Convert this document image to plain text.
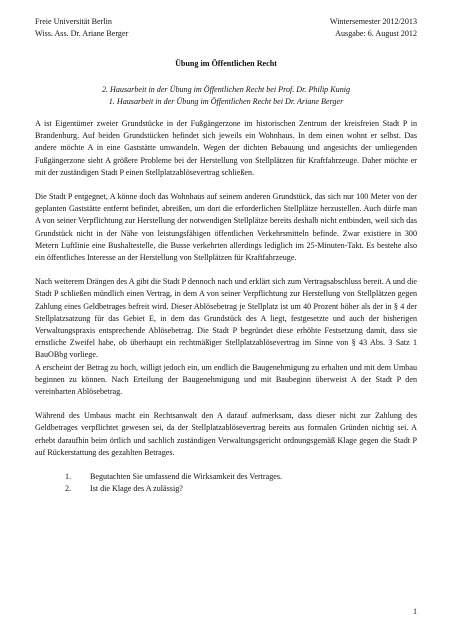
Freie Universität Berlin
Wiss. Ass. Dr. Ariane Berger
Wintersemester 2012/2013
Ausgabe: 6. August 2012
Übung im Öffentlichen Recht
2. Hausarbeit in der Übung im Öffentlichen Recht bei Prof. Dr. Philip Kunig
1. Hausarbeit in der Übung im Öffentlichen Recht bei Dr. Ariane Berger

A ist Eigentümer zweier Grundstücke in der Fußgängerzone im historischen Zentrum der kreisfreien Stadt P in Brandenburg. Auf beiden Grundstücken befindet sich jeweils ein Wohnhaus. In dem einen wohnt er selbst. Das andere möchte A in eine Gaststätte umwandeln. Wegen der dichten Bebauung und angesichts der umliegenden Fußgängerzone sieht A größere Probleme bei der Herstellung von Stellplätzen für Kraftfahrzeuge. Daher möchte er mit der zuständigen Stadt P einen Stellplatzablösevertrag schließen.

Die Stadt P entgegnet, A könne doch das Wohnhaus auf seinem anderen Grundstück, das sich nur 100 Meter von der geplanten Gaststätte entfernt befindet, abreißen, um dort die erforderlichen Stellplätze herzustellen. Auch dürfe man A von seiner Verpflichtung zur Herstellung der notwendigen Stellplätze bereits deshalb nicht entbinden, weil sich das Grundstück nicht in der Nähe von leistungsfähigen öffentlichen Verkehrsmitteln befinde. Zwar existiere in 300 Metern Luftlinie eine Bushaltestelle, die Busse verkehrten allerdings lediglich im 25-Minuten-Takt. Es bestehe also ein öffentliches Interesse an der Herstellung von Stellplätzen für Kraftfahrzeuge.

Nach weiterem Drängen des A gibt die Stadt P dennoch nach und erklärt sich zum Vertragsabschluss bereit. A und die Stadt P schließen mündlich einen Vertrag, in dem A von seiner Verpflichtung zur Herstellung von Stellplätzen gegen Zahlung eines Geldbetrages befreit wird. Dieser Ablösebetrag je Stellplatz ist um 40 Prozent höher als der in § 4 der Stellplatzsatzung für das Gebiet E, in dem das Grundstück des A liegt, festgesetzte und auch der bisherigen Verwaltungspraxis entsprechende Ablösebetrag. Die Stadt P begründet diese erhöhte Festsetzung damit, dass sie ernstliche Zweifel habe, ob überhaupt ein rechtmäßiger Stellplatzablösevertrag im Sinne von § 43 Abs. 3 Satz 1 BauOBbg vorliege.

A erscheint der Betrag zu hoch, willigt jedoch ein, um endlich die Baugenehmigung zu erhalten und mit dem Umbau beginnen zu können. Nach Erteilung der Baugenehmigung und mit Baubeginn überweist A der Stadt P den vereinbarten Ablösebetrag.

Während des Umbaus macht ein Rechtsanwalt den A darauf aufmerksam, dass dieser nicht zur Zahlung des Geldbetrages verpflichtet gewesen sei, da der Stellplatzablösevertrag bereits aus formalen Gründen nichtig sei. A erhebt daraufhin beim örtlich und sachlich zuständigen Verwaltungsgericht ordnungsgemäß Klage gegen die Stadt P auf Rückerstattung des gezahlten Betrages.

1. Begutachten Sie umfassend die Wirksamkeit des Vertrages.
2. Ist die Klage des A zulässig?
1
